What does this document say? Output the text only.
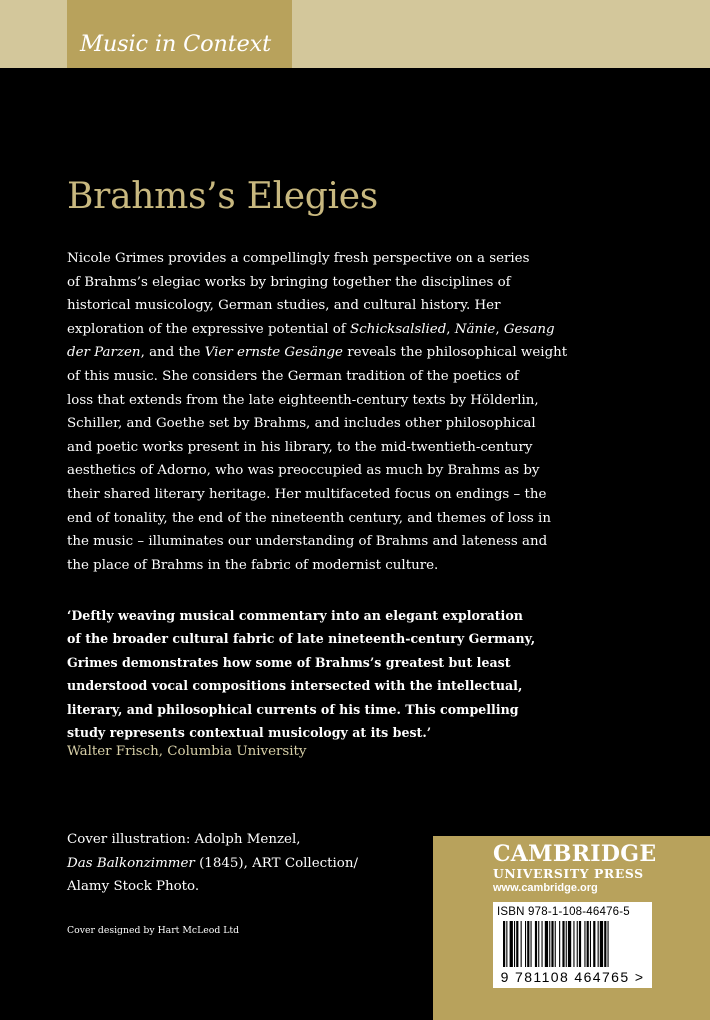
Music in Context
Brahms’s Elegies
Nicole Grimes provides a compellingly fresh perspective on a series
of Brahms’s elegiac works by bringing together the disciplines of
historical musicology, German studies, and cultural history. Her
exploration of the expressive potential of Schicksalslied, Nänie, Gesang
der Parzen, and the Vier ernste Gesänge reveals the philosophical weight
of this music. She considers the German tradition of the poetics of
loss that extends from the late eighteenth-century texts by Hölderlin,
Schiller, and Goethe set by Brahms, and includes other philosophical
and poetic works present in his library, to the mid-twentieth-century
aesthetics of Adorno, who was preoccupied as much by Brahms as by
their shared literary heritage. Her multifaceted focus on endings – the
end of tonality, the end of the nineteenth century, and themes of loss in
the music – illuminates our understanding of Brahms and lateness and
the place of Brahms in the fabric of modernist culture.
‘Deftly weaving musical commentary into an elegant exploration
of the broader cultural fabric of late nineteenth-century Germany,
Grimes demonstrates how some of Brahms’s greatest but least
understood vocal compositions intersected with the intellectual,
literary, and philosophical currents of his time. This compelling
study represents contextual musicology at its best.’
Walter Frisch, Columbia University
Cover illustration: Adolph Menzel,
Das Balkonzimmer (1845), ART Collection/
Alamy Stock Photo.
Cover designed by Hart McLeod Ltd
CAMBRIDGE
UNIVERSITY PRESS
www.cambridge.org
ISBN 978-1-108-46476-5
9 781108 464765 >
